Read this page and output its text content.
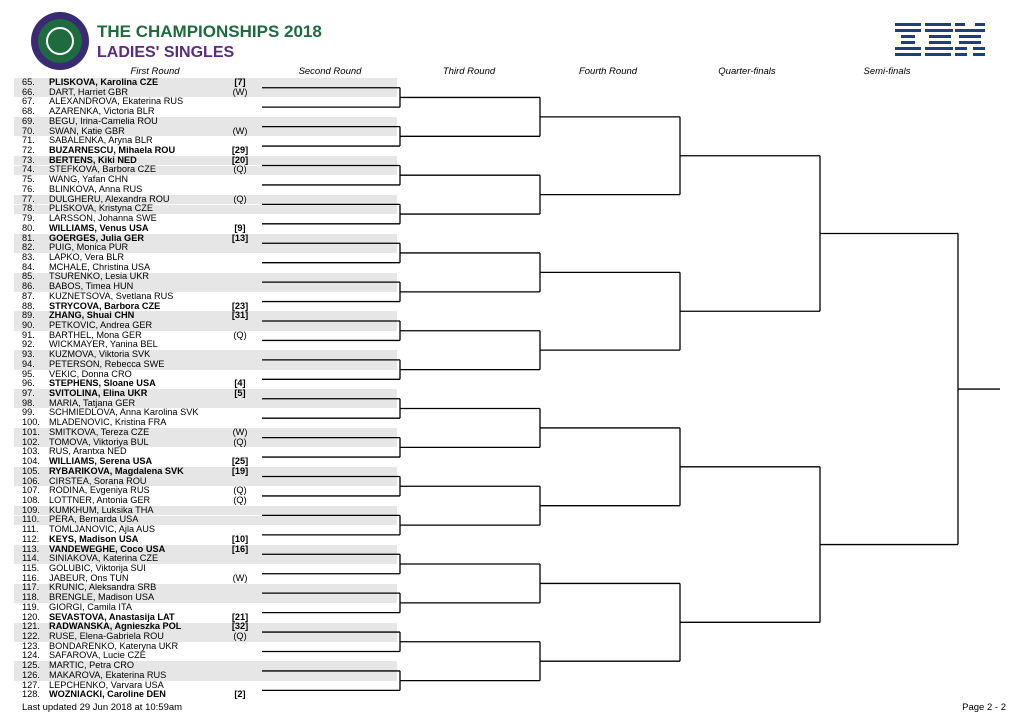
THE CHAMPIONSHIPS 2018
LADIES' SINGLES
First Round	Second Round	Third Round	Fourth Round	Quarter-finals	Semi-finals
65. PLISKOVA, Karolina CZE	[7]
66. DART, Harriet GBR	(W)
67. ALEXANDROVA, Ekaterina RUS
68. AZARENKA, Victoria BLR
69. BEGU, Irina-Camelia ROU
70. SWAN, Katie GBR	(W)
71. SABALENKA, Aryna BLR
72. BUZARNESCU, Mihaela ROU	[29]
73. BERTENS, Kiki NED	[20]
74. STEFKOVA, Barbora CZE	(Q)
75. WANG, Yafan CHN
76. BLINKOVA, Anna RUS
77. DULGHERU, Alexandra ROU	(Q)
78. PLISKOVA, Kristyna CZE
79. LARSSON, Johanna SWE
80. WILLIAMS, Venus USA	[9]
81. GOERGES, Julia GER	[13]
82. PUIG, Monica PUR
83. LAPKO, Vera BLR
84. MCHALE, Christina USA
85. TSURENKO, Lesia UKR
86. BABOS, Timea HUN
87. KUZNETSOVA, Svetlana RUS
88. STRYCOVA, Barbora CZE	[23]
89. ZHANG, Shuai CHN	[31]
90. PETKOVIC, Andrea GER
91. BARTHEL, Mona GER	(Q)
92. WICKMAYER, Yanina BEL
93. KUZMOVA, Viktoria SVK
94. PETERSON, Rebecca SWE
95. VEKIC, Donna CRO
96. STEPHENS, Sloane USA	[4]
97. SVITOLINA, Elina UKR	[5]
98. MARIA, Tatjana GER
99. SCHMIEDLOVA, Anna Karolina SVK
100. MLADENOVIC, Kristina FRA
101. SMITKOVA, Tereza CZE	(W)
102. TOMOVA, Viktoriya BUL	(Q)
103. RUS, Arantxa NED
104. WILLIAMS, Serena USA	[25]
105. RYBARIKOVA, Magdalena SVK	[19]
106. CIRSTEA, Sorana ROU
107. RODINA, Evgeniya RUS	(Q)
108. LOTTNER, Antonia GER	(Q)
109. KUMKHUM, Luksika THA
110. PERA, Bernarda USA
111. TOMLJANOVIC, Ajla AUS
112. KEYS, Madison USA	[10]
113. VANDEWEGHE, Coco USA	[16]
114. SINIAKOVA, Katerina CZE
115. GOLUBIC, Viktorija SUI
116. JABEUR, Ons TUN	(W)
117. KRUNIC, Aleksandra SRB
118. BRENGLE, Madison USA
119. GIORGI, Camila ITA
120. SEVASTOVA, Anastasija LAT	[21]
121. RADWANSKA, Agnieszka POL	[32]
122. RUSE, Elena-Gabriela ROU	(Q)
123. BONDARENKO, Kateryna UKR
124. SAFAROVA, Lucie CZE
125. MARTIC, Petra CRO
126. MAKAROVA, Ekaterina RUS
127. LEPCHENKO, Varvara USA
128. WOZNIACKI, Caroline DEN	[2]
Last updated 29 Jun 2018 at 10:59am	Page 2 - 2
